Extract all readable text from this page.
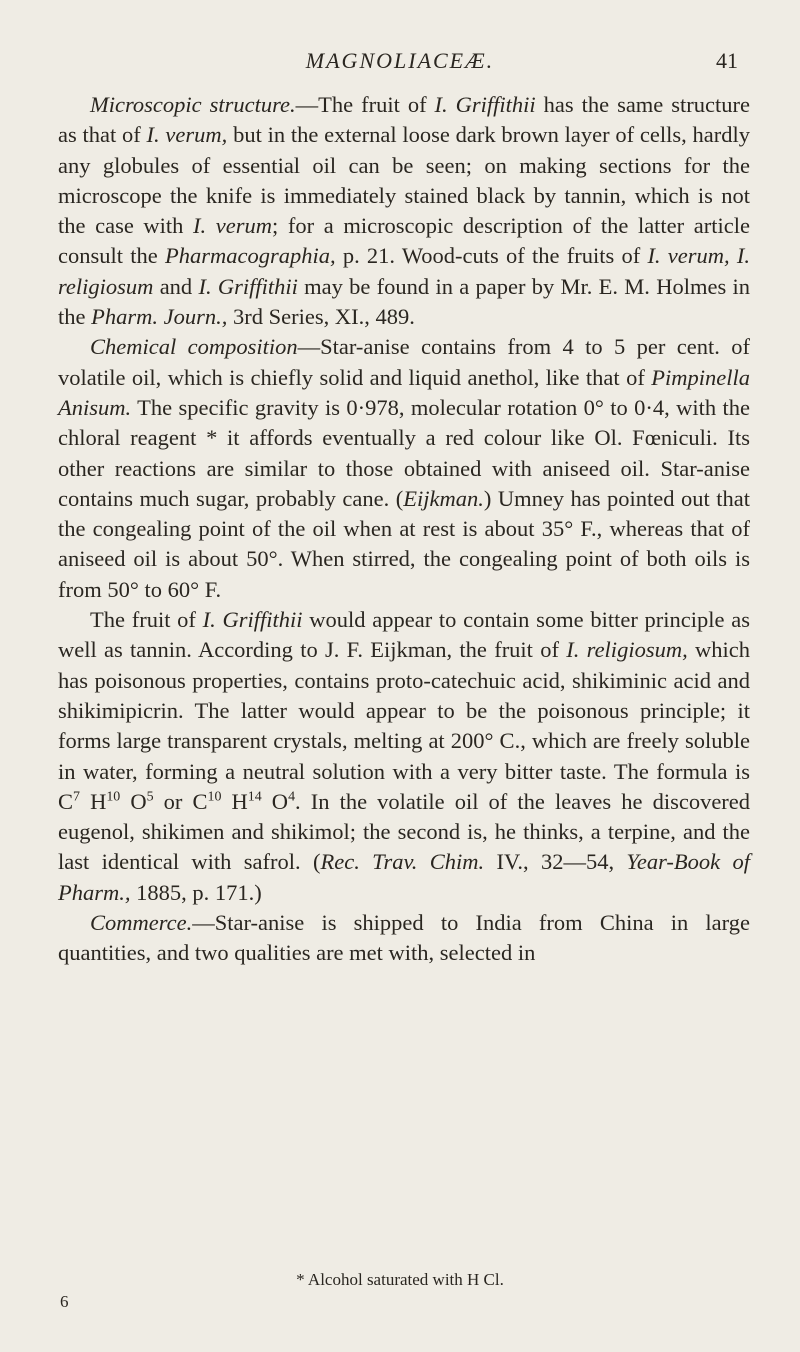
MAGNOLIACEÆ.	41

Microscopic structure.—The fruit of I. Griffithii has the same structure as that of I. verum, but in the external loose dark brown layer of cells, hardly any globules of essential oil can be seen; on making sections for the microscope the knife is immediately stained black by tannin, which is not the case with I. verum; for a microscopic description of the latter article consult the Pharmacographia, p. 21. Wood-cuts of the fruits of I. verum, I. religiosum and I. Griffithii may be found in a paper by Mr. E. M. Holmes in the Pharm. Journ., 3rd Series, XI., 489.

Chemical composition—Star-anise contains from 4 to 5 per cent. of volatile oil, which is chiefly solid and liquid anethol, like that of Pimpinella Anisum. The specific gravity is 0·978, molecular rotation 0° to 0·4, with the chloral reagent * it affords eventually a red colour like Ol. Fœniculi. Its other reactions are similar to those obtained with aniseed oil. Star-anise contains much sugar, probably cane. (Eijkman.) Umney has pointed out that the congealing point of the oil when at rest is about 35° F., whereas that of aniseed oil is about 50°. When stirred, the congealing point of both oils is from 50° to 60° F.

The fruit of I. Griffithii would appear to contain some bitter principle as well as tannin. According to J. F. Eijkman, the fruit of I. religiosum, which has poisonous properties, contains proto-catechuic acid, shikiminic acid and shikimipicrin. The latter would appear to be the poisonous principle; it forms large transparent crystals, melting at 200° C., which are freely soluble in water, forming a neutral solution with a very bitter taste. The formula is $C^7$ $H^{10}$ $O^5$ or $C^{10}$ $H^{14}$ $O^4$. In the volatile oil of the leaves he discovered eugenol, shikimen and shikimol; the second is, he thinks, a terpine, and the last identical with safrol. (Rec. Trav. Chim. IV., 32—54, Year-Book of Pharm., 1885, p. 171.)

Commerce.—Star-anise is shipped to India from China in large quantities, and two qualities are met with, selected in

* Alcohol saturated with H Cl.
6
